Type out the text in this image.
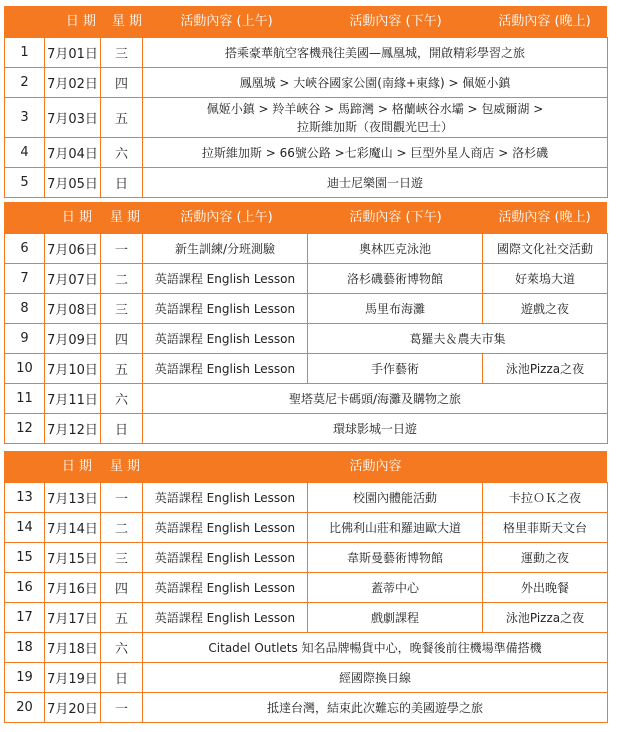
日 期	星 期	活動內容 (上午)	活動內容 (下午)	活動內容 (晚上)
1	7月01日	三	搭乘豪華航空客機飛往美國—鳳凰城，開啟精彩學習之旅
2	7月02日	四	鳳凰城 > 大峽谷國家公園(南緣+東緣) > 佩姬小鎮
3	7月03日	五	佩姬小鎮 > 羚羊峽谷 > 馬蹄灣 > 格蘭峽谷水壩 > 包威爾湖 >
拉斯維加斯（夜間觀光巴士）

4	7月04日	六	拉斯維加斯 > 66號公路 >七彩魔山 > 巨型外星人商店 > 洛杉磯
5	7月05日	日	迪士尼樂園一日遊
日 期	星 期	活動內容 (上午)	活動內容 (下午)	活動內容 (晚上)
6	7月06日	一	新生訓練/分班測驗	奧林匹克泳池	國際文化社交活動
7	7月07日	二	英語課程 English Lesson	洛杉磯藝術博物館	好萊塢大道
8	7月08日	三	英語課程 English Lesson	馬里布海灘	遊戲之夜
9	7月09日	四	英語課程 English Lesson	葛羅夫＆農夫市集	
10	7月10日	五	英語課程 English Lesson	手作藝術	泳池Pizza之夜
11	7月11日	六	聖塔莫尼卡碼頭/海灘及購物之旅		
12	7月12日	日	環球影城一日遊		
日 期	星 期	活動內容
13	7月13日	一	英語課程 English Lesson	校園內體能活動	卡拉ＯＫ之夜
14	7月14日	二	英語課程 English Lesson	比佛利山莊和羅迪歐大道	格里菲斯天文台
15	7月15日	三	英語課程 English Lesson	韋斯曼藝術博物館	運動之夜
16	7月16日	四	英語課程 English Lesson	蓋蒂中心	外出晚餐
17	7月17日	五	英語課程 English Lesson	戲劇課程	泳池Pizza之夜
18	7月18日	六	Citadel Outlets 知名品牌暢貨中心，晚餐後前往機場準備搭機		
19	7月19日	日	經國際換日線		
20	7月20日	一	抵達台灣，結束此次難忘的美國遊學之旅		
